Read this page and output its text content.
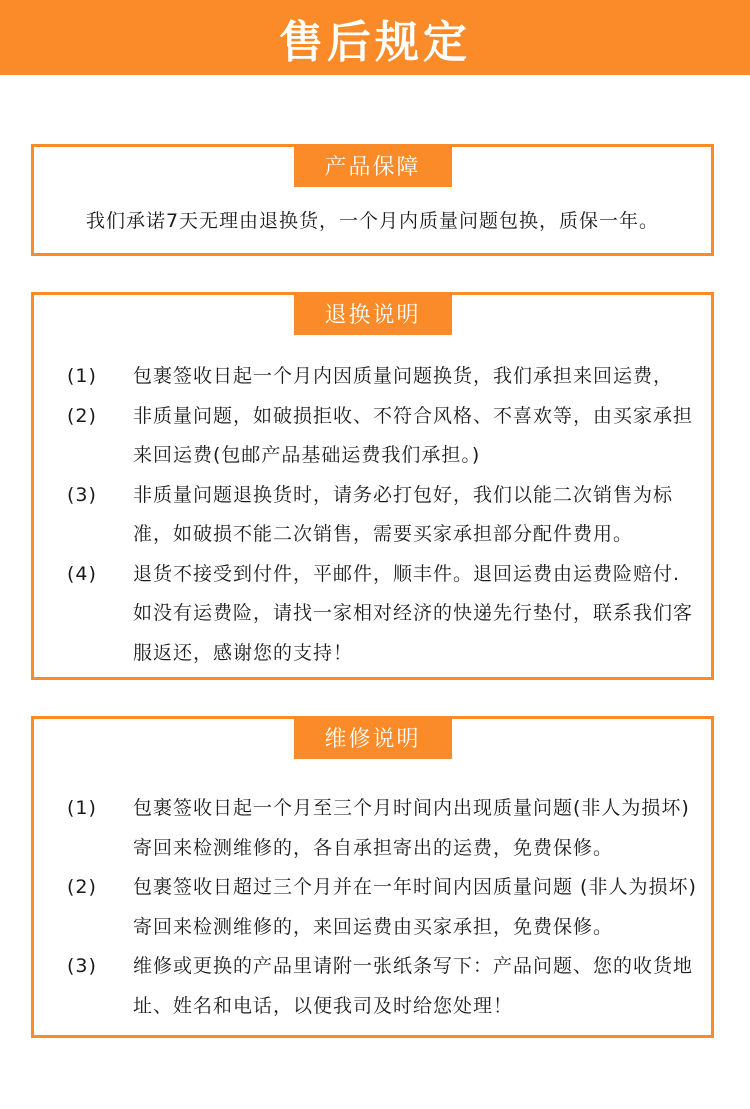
售后规定
产品保障
我们承诺7天无理由退换货，一个月内质量问题包换，质保一年。
退换说明
(1)	包裹签收日起一个月内因质量问题换货，我们承担来回运费，
(2)	非质量问题，如破损拒收、不符合风格、不喜欢等，由买家承担来回运费(包邮产品基础运费我们承担。)
(3)	非质量问题退换货时，请务必打包好，我们以能二次销售为标准，如破损不能二次销售，需要买家承担部分配件费用。
(4)	退货不接受到付件，平邮件，顺丰件。退回运费由运费险赔付.如没有运费险，请找一家相对经济的快递先行垫付，联系我们客服返还，感谢您的支持！
维修说明
(1)	包裹签收日起一个月至三个月时间内出现质量问题(非人为损坏)寄回来检测维修的，各自承担寄出的运费，免费保修。
(2)	包裹签收日超过三个月并在一年时间内因质量问题 (非人为损坏)寄回来检测维修的，来回运费由买家承担，免费保修。
(3)	维修或更换的产品里请附一张纸条写下：产品问题、您的收货地址、姓名和电话，以便我司及时给您处理！
